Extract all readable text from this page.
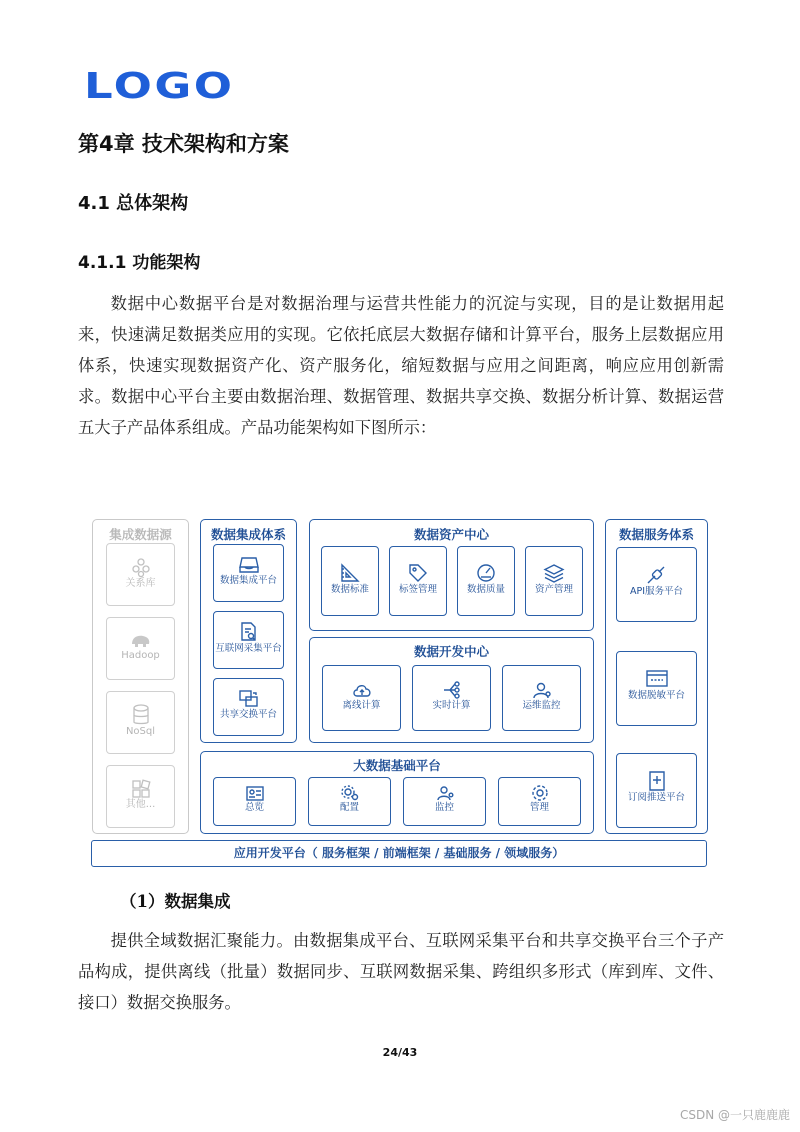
LOGO
第4章 技术架构和方案
4.1 总体架构
4.1.1 功能架构

数据中心数据平台是对数据治理与运营共性能力的沉淀与实现，目的是让数据用起来，快速满足数据类应用的实现。它依托底层大数据存储和计算平台，服务上层数据应用体系，快速实现数据资产化、资产服务化，缩短数据与应用之间距离，响应应用创新需求。数据中心平台主要由数据治理、数据管理、数据共享交换、数据分析计算、数据运营五大子产品体系组成。产品功能架构如下图所示：

集成数据源
关系库
Hadoop
NoSql
其他...
数据集成体系
数据集成平台
互联网采集平台
共享交换平台
数据资产中心
数据标准	标签管理	数据质量	资产管理
数据开发中心
离线计算	实时计算	运维监控
大数据基础平台
总览	配置	监控	管理
数据服务体系
API服务平台
数据脱敏平台
订阅推送平台
应用开发平台（ 服务框架 / 前端框架 / 基础服务 / 领域服务）
（1）数据集成

提供全域数据汇聚能力。由数据集成平台、互联网采集平台和共享交换平台三个子产品构成，提供离线（批量）数据同步、互联网数据采集、跨组织多形式（库到库、文件、接口）数据交换服务。

24/43
CSDN @一只鹿鹿鹿
